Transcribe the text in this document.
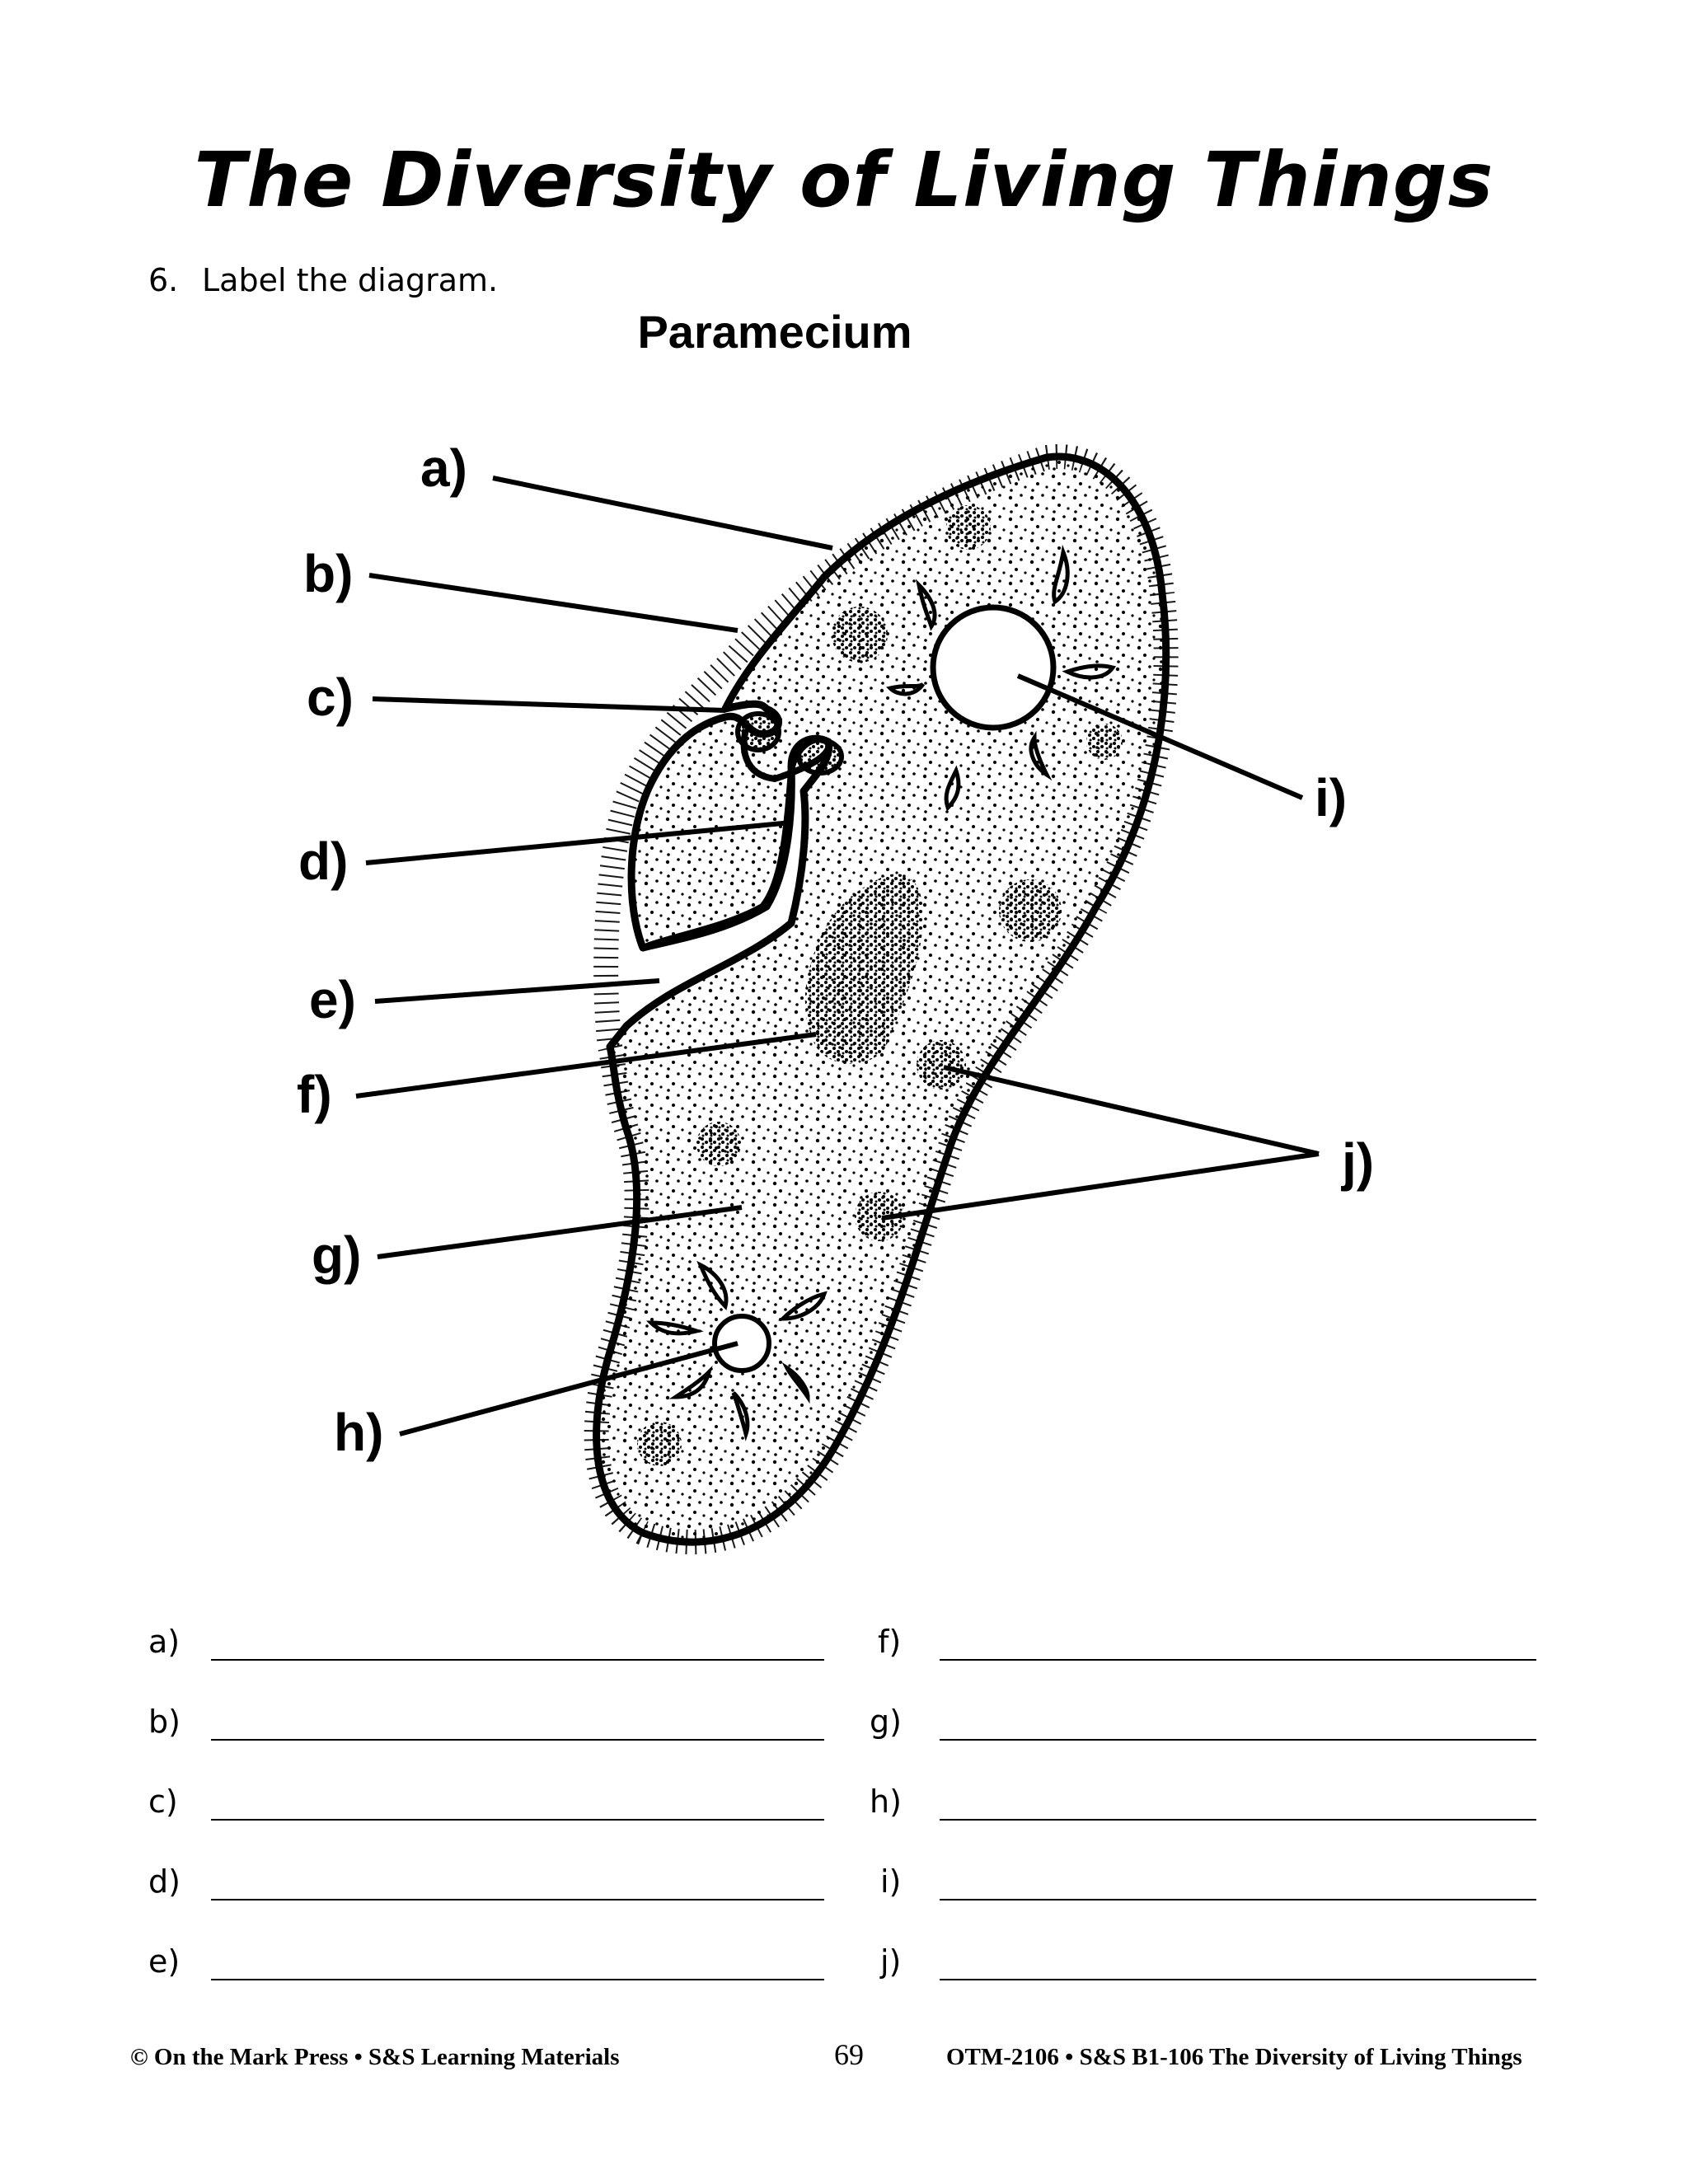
The Diversity of Living Things
6. Label the diagram.
Paramecium
a)
b)
c)
d)
e)
f)
g)
h)
i)
j)
a)
b)
c)
d)
e)
f)
g)
h)
i)
j)
© On the Mark Press • S&S Learning Materials	69	OTM-2106 • S&S B1-106 The Diversity of Living Things
